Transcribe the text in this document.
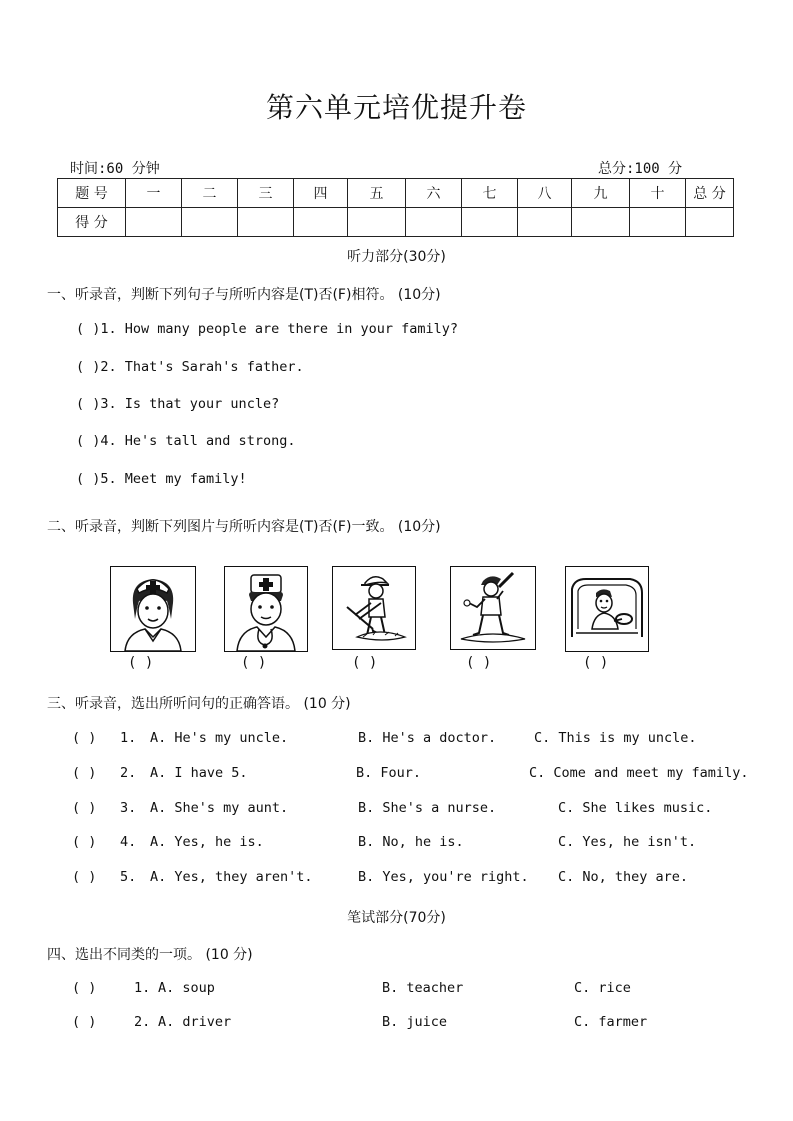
第六单元培优提升卷
时间:60 分钟	总分:100 分
题 号	一	二	三	四	五	六	七	八	九	十	总 分
得 分											
听力部分(30分)
一、听录音，判断下列句子与所听内容是(T)否(F)相符。 (10分)
( )1. How many people are there in your family?
( )2. That's Sarah's father.
( )3. Is that your uncle?
( )4. He's tall and strong.
( )5. Meet my family!
二、听录音，判断下列图片与所听内容是(T)否(F)一致。 (10分)
( )	( )	( )	( )	( )
三、听录音，选出所听问句的正确答语。 (10 分)
( ) 1. A. He's my uncle.	B. He's a doctor.	C. This is my uncle.
( ) 2. A. I have 5.	B. Four.	C. Come and meet my family.
( ) 3. A. She's my aunt.	B. She's a nurse.	C. She likes music.
( ) 4. A. Yes, he is.	B. No, he is.	C. Yes, he isn't.
( ) 5. A. Yes, they aren't.	B. Yes, you're right. C. No, they are.
笔试部分(70分)
四、选出不同类的一项。 (10 分)
( )	1. A. soup	B. teacher	C. rice
( )	2. A. driver	B. juice	C. farmer
